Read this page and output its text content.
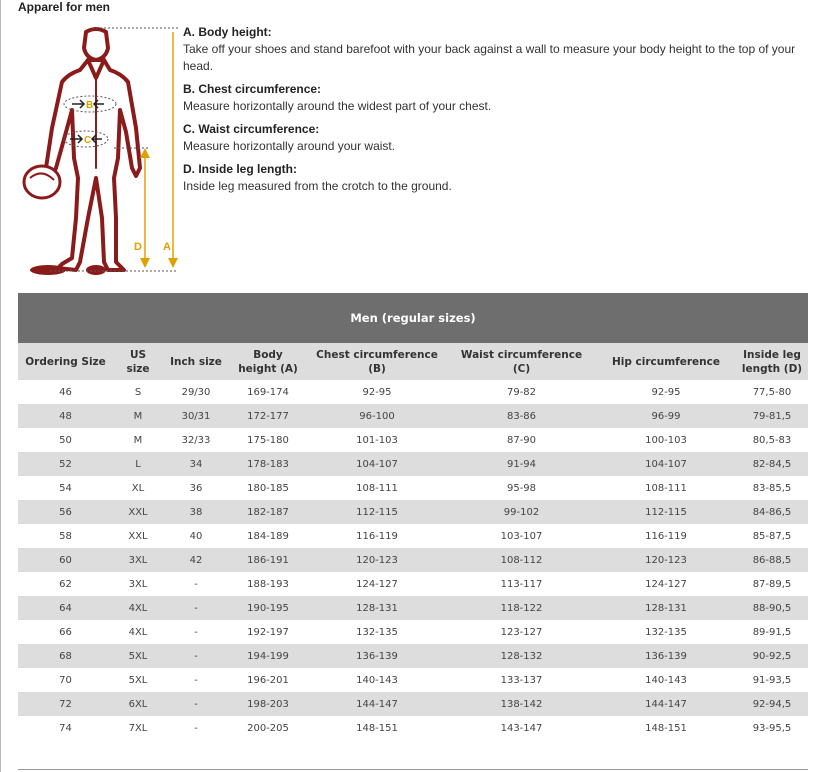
Apparel for men
B
C
A
D
A. Body height:
Take off your shoes and stand barefoot with your back against a wall to measure your body height to the top of your head.
B. Chest circumference:
Measure horizontally around the widest part of your chest.
C. Waist circumference:
Measure horizontally around your waist.
D. Inside leg length:
Inside leg measured from the crotch to the ground.
Men (regular sizes)							
Ordering Size	US size	Inch size	Body height (A)	Chest circumference (B)	Waist circumference (C)	Hip circumference	Inside leg length (D)
46	S	29/30	169-174	92-95	79-82	92-95	77,5-80
48	M	30/31	172-177	96-100	83-86	96-99	79-81,5
50	M	32/33	175-180	101-103	87-90	100-103	80,5-83
52	L	34	178-183	104-107	91-94	104-107	82-84,5
54	XL	36	180-185	108-111	95-98	108-111	83-85,5
56	XXL	38	182-187	112-115	99-102	112-115	84-86,5
58	XXL	40	184-189	116-119	103-107	116-119	85-87,5
60	3XL	42	186-191	120-123	108-112	120-123	86-88,5
62	3XL	-	188-193	124-127	113-117	124-127	87-89,5
64	4XL	-	190-195	128-131	118-122	128-131	88-90,5
66	4XL	-	192-197	132-135	123-127	132-135	89-91,5
68	5XL	-	194-199	136-139	128-132	136-139	90-92,5
70	5XL	-	196-201	140-143	133-137	140-143	91-93,5
72	6XL	-	198-203	144-147	138-142	144-147	92-94,5
74	7XL	-	200-205	148-151	143-147	148-151	93-95,5
